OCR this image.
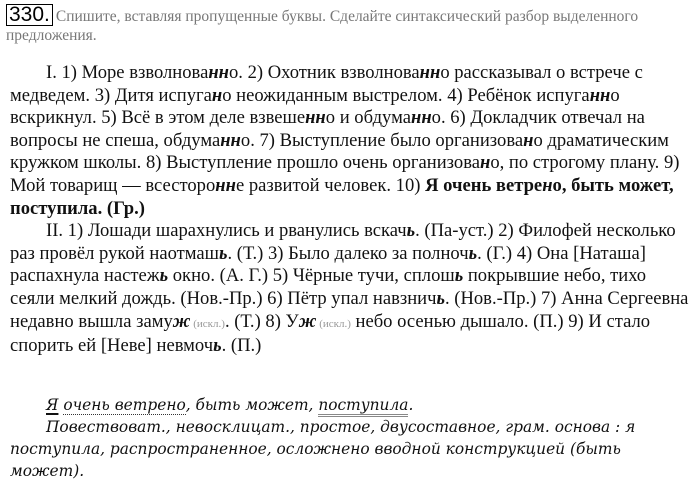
330. Спишите, вставляя пропущенные буквы. Сделайте синтаксический разбор выделенного предложения.

I. 1) Море взволнованно. 2) Охотник взволнованно рассказывал о встрече с медведем. 3) Дитя испугано неожиданным выстрелом. 4) Ребёнок испуганно вскрикнул. 5) Всё в этом деле взвешенно и обдуманно. 6) Докладчик отвечал на вопросы не спеша, обдуманно. 7) Выступление было организовано драматическим кружком школы. 8) Выступление прошло очень организовано, по строгому плану. 9) Мой товарищ — всесторонне развитой человек. 10) Я очень ветрено, быть может, поступила. (Гр.)

II. 1) Лошади шарахнулись и рванулись вскачь. (Па-уст.) 2) Филофей несколько раз провёл рукой наотмашь. (Т.) 3) Было далеко за полночь. (Г.) 4) Она [Наташа] распахнула настежь окно. (А. Г.) 5) Чёрные тучи, сплошь покрывшие небо, тихо сеяли мелкий дождь. (Нов.-Пр.) 6) Пётр упал навзничь. (Нов.-Пр.) 7) Анна Сергеевна недавно вышла замуж (искл.). (Т.) 8) Уж (искл.) небо осенью дышало. (П.) 9) И стало спорить ей [Неве] невмочь. (П.)

Я очень ветрено, быть может, поступила.

Повествоват., невосклицат., простое, двусоставное, грам. основа : я поступила, распространенное, осложнено вводной конструкцией (быть может).
